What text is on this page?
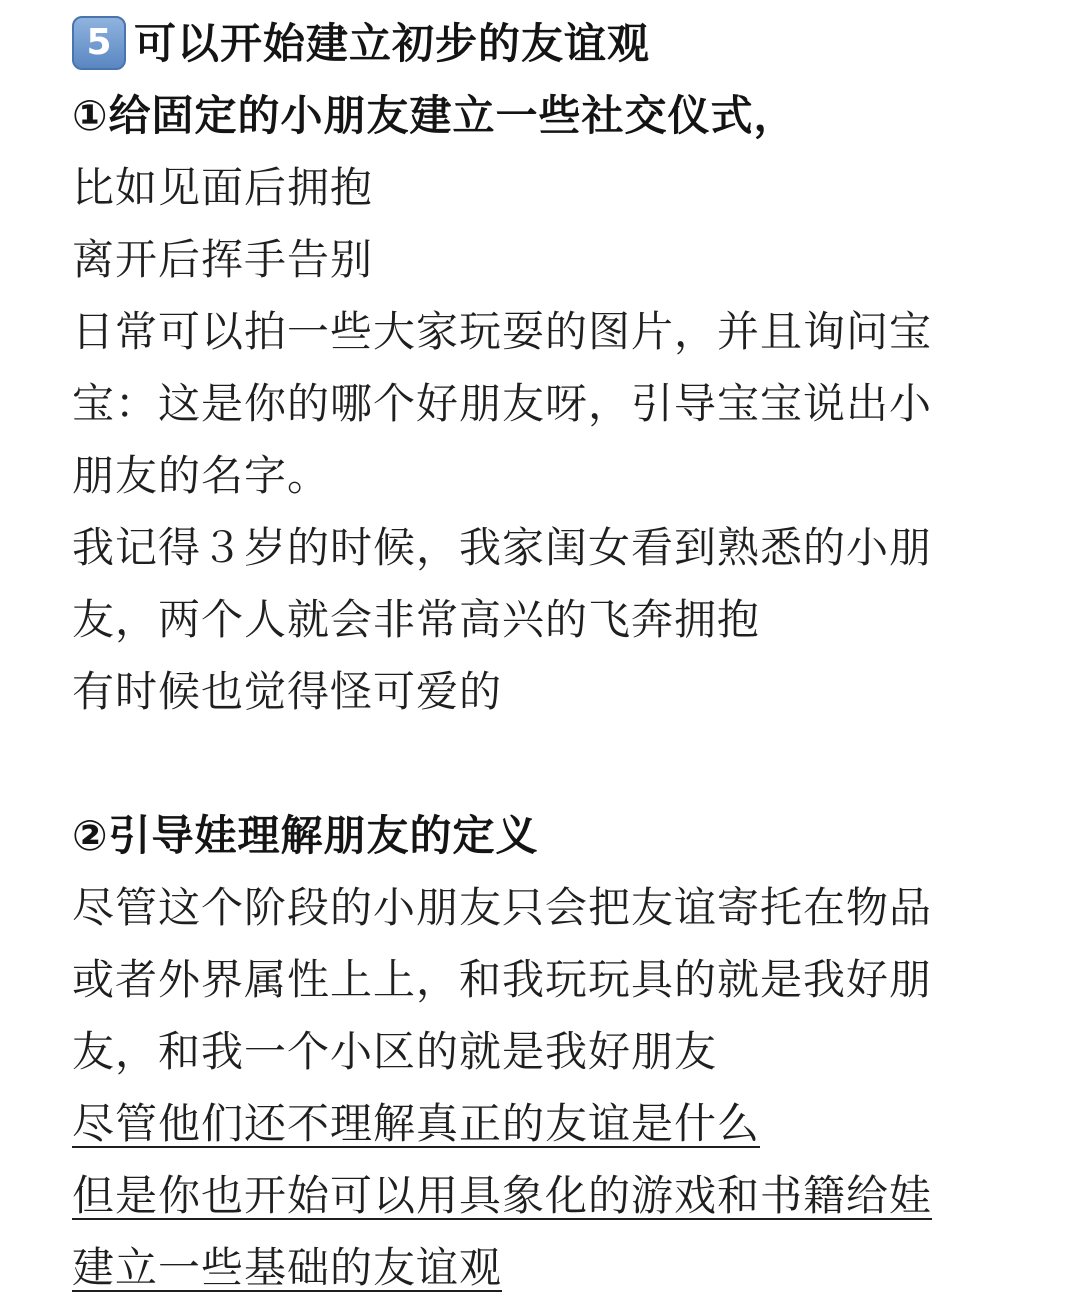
5 可以开始建立初步的友谊观
①给固定的小朋友建立一些社交仪式，
比如见面后拥抱
离开后挥手告别
日常可以拍一些大家玩耍的图片，并且询问宝
宝：这是你的哪个好朋友呀，引导宝宝说出小
朋友的名字。
我记得３岁的时候，我家闺女看到熟悉的小朋
友，两个人就会非常高兴的飞奔拥抱
有时候也觉得怪可爱的
②引导娃理解朋友的定义
尽管这个阶段的小朋友只会把友谊寄托在物品
或者外界属性上上，和我玩玩具的就是我好朋
友，和我一个小区的就是我好朋友
尽管他们还不理解真正的友谊是什么
但是你也开始可以用具象化的游戏和书籍给娃
建立一些基础的友谊观
